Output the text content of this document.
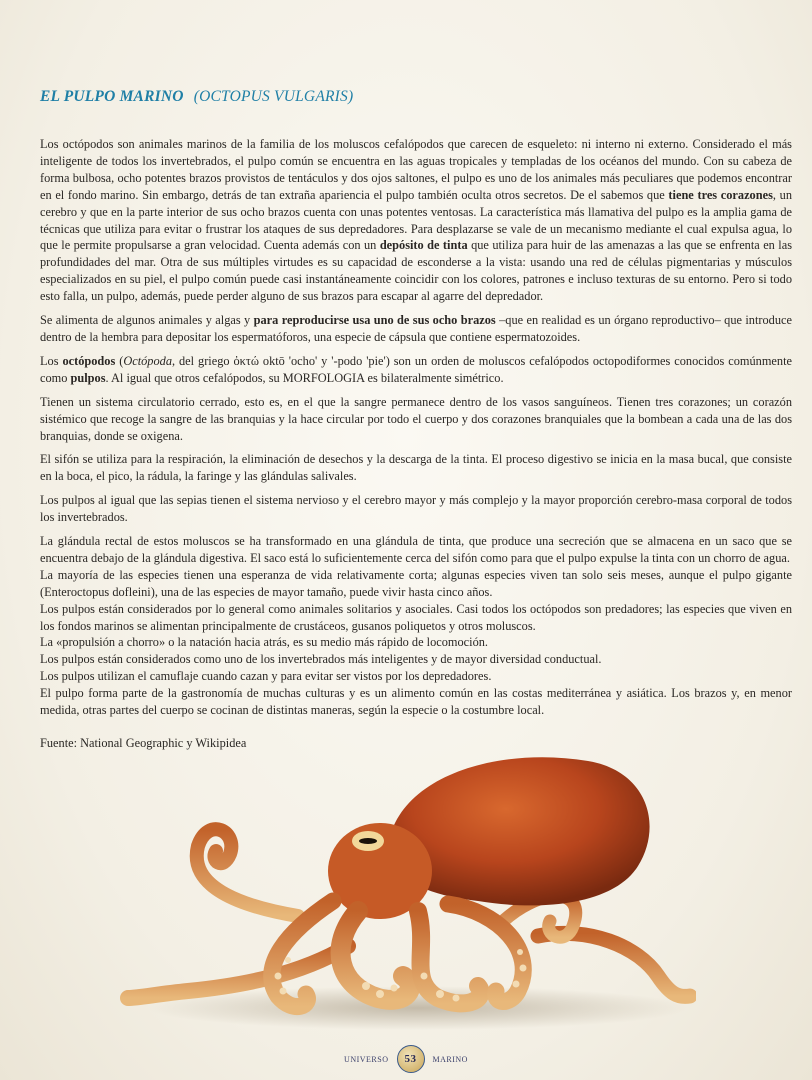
EL PULPO MARINO (OCTOPUS VULGARIS)

Los octópodos son animales marinos de la familia de los moluscos cefalópodos que carecen de esqueleto: ni interno ni externo. Considerado el más inteligente de todos los invertebrados, el pulpo común se encuentra en las aguas tropicales y templadas de los océanos del mundo. Con su cabeza de forma bulbosa, ocho potentes brazos provistos de tentáculos y dos ojos saltones, el pulpo es uno de los animales más peculiares que podemos encontrar en el fondo marino. Sin embargo, detrás de tan extraña apariencia el pulpo también oculta otros secretos. De el sabemos que tiene tres corazones, un cerebro y que en la parte interior de sus ocho brazos cuenta con unas potentes ventosas. La característica más llamativa del pulpo es la amplia gama de técnicas que utiliza para evitar o frustrar los ataques de sus depredadores. Para desplazarse se vale de un mecanismo mediante el cual expulsa agua, lo que le permite propulsarse a gran velocidad. Cuenta además con un depósito de tinta que utiliza para huir de las amenazas a las que se enfrenta en las profundidades del mar. Otra de sus múltiples virtudes es su capacidad de esconderse a la vista: usando una red de células pigmentarias y músculos especializados en su piel, el pulpo común puede casi instantáneamente coincidir con los colores, patrones e incluso texturas de su entorno. Pero si todo esto falla, un pulpo, además, puede perder alguno de sus brazos para escapar al agarre del depredador.

Se alimenta de algunos animales y algas y para reproducirse usa uno de sus ocho brazos –que en realidad es un órgano reproductivo– que introduce dentro de la hembra para depositar los espermatóforos, una especie de cápsula que contiene espermatozoides.

Los octópodos (Octópoda, del griego ὀκτώ oktō 'ocho' y '-podo 'pie') son un orden de moluscos cefalópodos octopodiformes conocidos comúnmente como pulpos. Al igual que otros cefalópodos, su MORFOLOGIA es bilateralmente simétrico.

Tienen un sistema circulatorio cerrado, esto es, en el que la sangre permanece dentro de los vasos sanguíneos. Tienen tres corazones; un corazón sistémico que recoge la sangre de las branquias y la hace circular por todo el cuerpo y dos corazones branquiales que la bombean a cada una de las dos branquias, donde se oxigena.

El sifón se utiliza para la respiración, la eliminación de desechos y la descarga de la tinta. El proceso digestivo se inicia en la masa bucal, que consiste en la boca, el pico, la rádula, la faringe y las glándulas salivales.

Los pulpos al igual que las sepias tienen el sistema nervioso y el cerebro mayor y más complejo y la mayor proporción cerebro-masa corporal de todos los invertebrados.

La glándula rectal de estos moluscos se ha transformado en una glándula de tinta, que produce una secreción que se almacena en un saco que se encuentra debajo de la glándula digestiva. El saco está lo suficientemente cerca del sifón como para que el pulpo expulse la tinta con un chorro de agua.

La mayoría de las especies tienen una esperanza de vida relativamente corta; algunas especies viven tan solo seis meses, aunque el pulpo gigante (Enteroctopus dofleini), una de las especies de mayor tamaño, puede vivir hasta cinco años.

Los pulpos están considerados por lo general como animales solitarios y asociales. Casi todos los octópodos son predadores; las especies que viven en los fondos marinos se alimentan principalmente de crustáceos, gusanos poliquetos y otros moluscos.

La «propulsión a chorro» o la natación hacia atrás, es su medio más rápido de locomoción.

Los pulpos están considerados como uno de los invertebrados más inteligentes y de mayor diversidad conductual.

Los pulpos utilizan el camuflaje cuando cazan y para evitar ser vistos por los depredadores.

El pulpo forma parte de la gastronomía de muchas culturas y es un alimento común en las costas mediterránea y asiática. Los brazos y, en menor medida, otras partes del cuerpo se cocinan de distintas maneras, según la especie o la costumbre local.

Fuente: National Geographic y Wikipidea

UNIVERSO 53 MARINO
